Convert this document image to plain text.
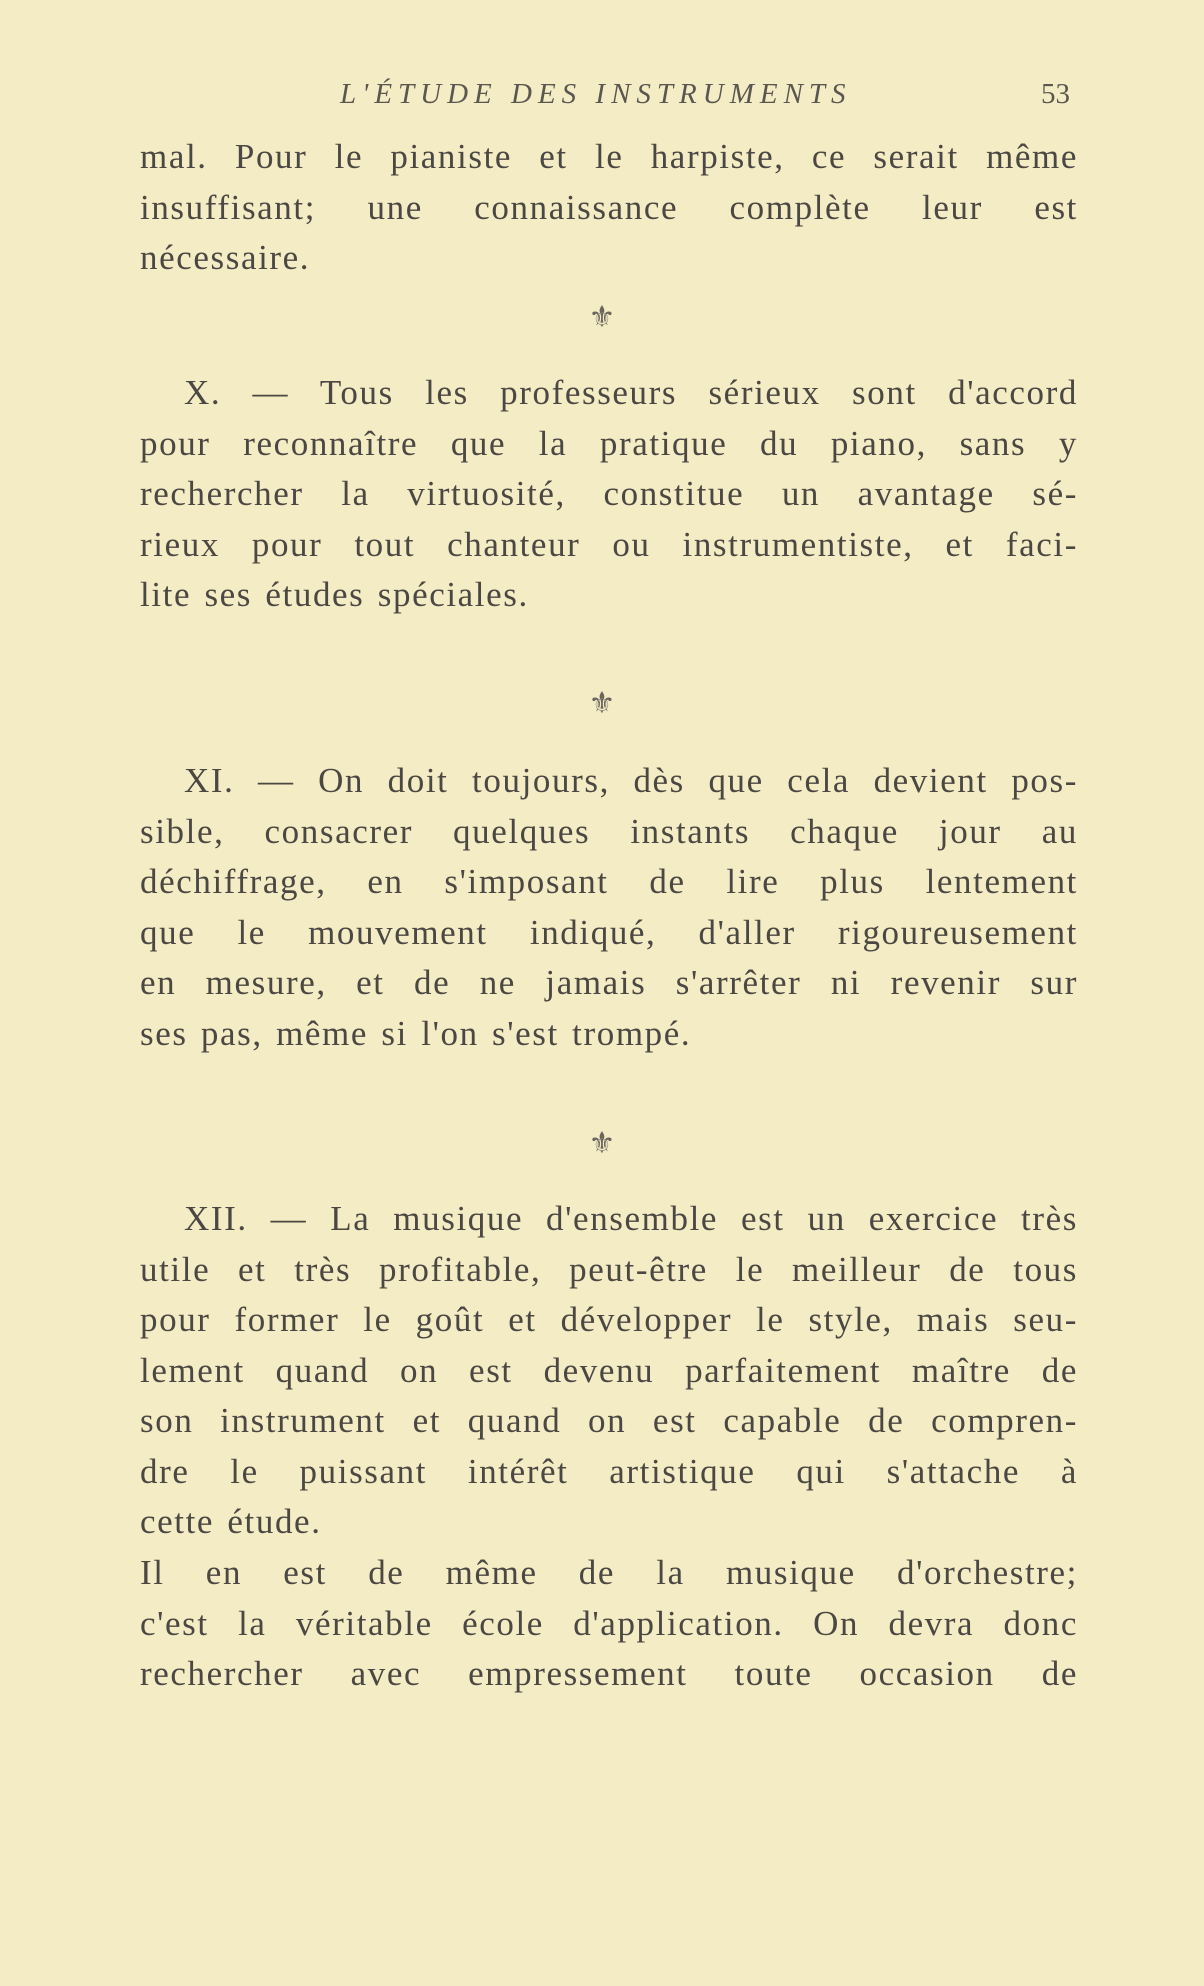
L'ÉTUDE DES INSTRUMENTS	53
mal. Pour le pianiste et le harpiste, ce serait même
insuffisant; une connaissance complète leur est
nécessaire.
⚜
X. — Tous les professeurs sérieux sont d'accord
pour reconnaître que la pratique du piano, sans y
rechercher la virtuosité, constitue un avantage sé-
rieux pour tout chanteur ou instrumentiste, et faci-
lite ses études spéciales.
⚜
XI. — On doit toujours, dès que cela devient pos-
sible, consacrer quelques instants chaque jour au
déchiffrage, en s'imposant de lire plus lentement
que le mouvement indiqué, d'aller rigoureusement
en mesure, et de ne jamais s'arrêter ni revenir sur
ses pas, même si l'on s'est trompé.
⚜
XII. — La musique d'ensemble est un exercice très
utile et très profitable, peut-être le meilleur de tous
pour former le goût et développer le style, mais seu-
lement quand on est devenu parfaitement maître de
son instrument et quand on est capable de compren-
dre le puissant intérêt artistique qui s'attache à
cette étude.
Il en est de même de la musique d'orchestre;
c'est la véritable école d'application. On devra donc
rechercher avec empressement toute occasion de
